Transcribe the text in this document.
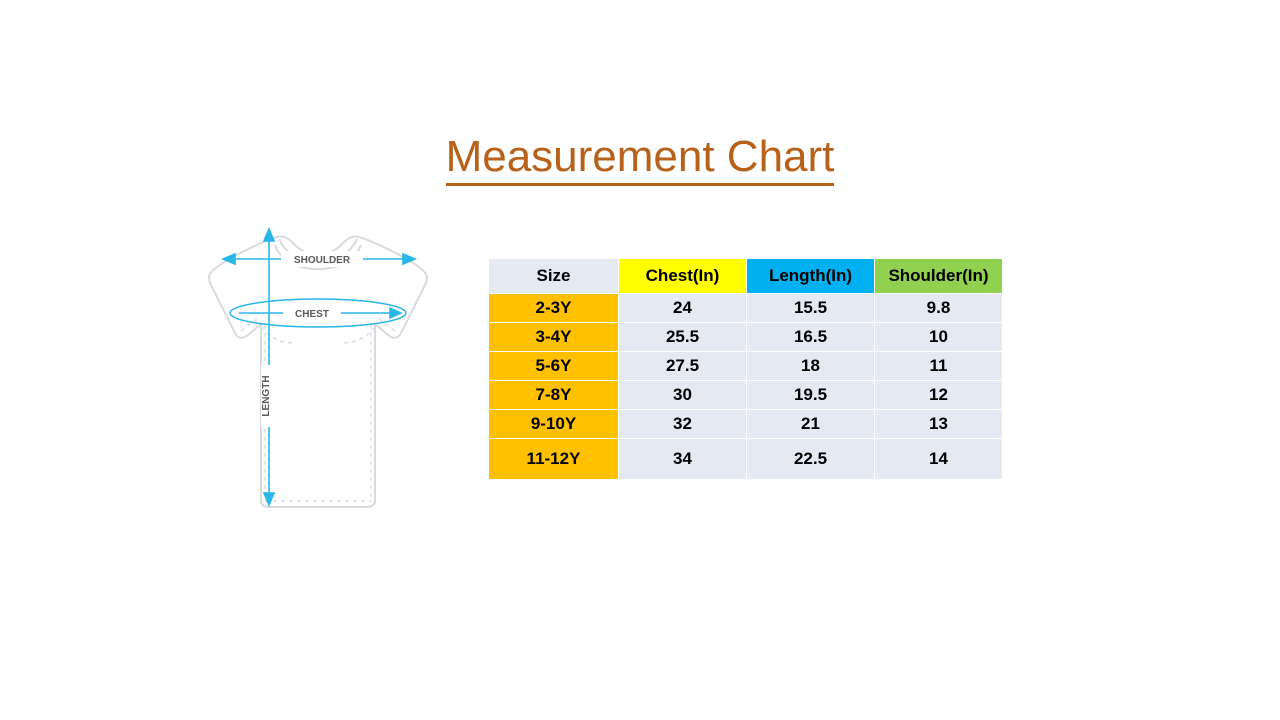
Measurement Chart
SHOULDER
CHEST
LENGTH
Size	Chest(In)	Length(In)	Shoulder(In)
2-3Y	24	15.5	9.8
3-4Y	25.5	16.5	10
5-6Y	27.5	18	11
7-8Y	30	19.5	12
9-10Y	32	21	13
11-12Y	34	22.5	14
